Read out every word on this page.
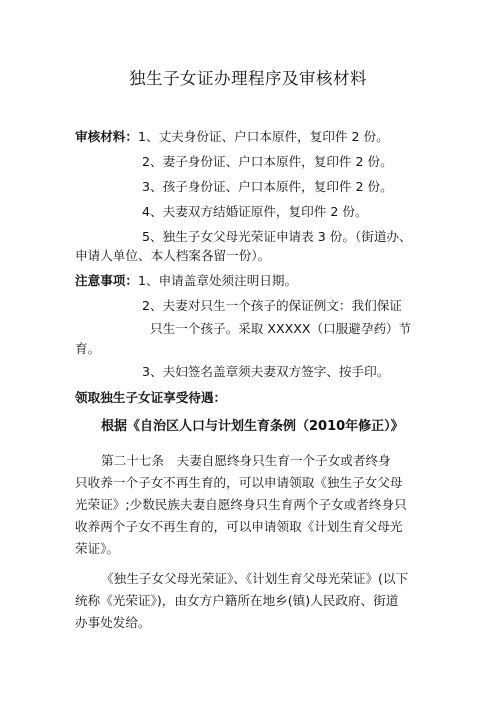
独生子女证办理程序及审核材料
审核材料：1、丈夫身份证、户口本原件，复印件 2 份。
2、妻子身份证、户口本原件，复印件 2 份。
3、孩子身份证、户口本原件，复印件 2 份。
4、夫妻双方结婚证原件，复印件 2 份。
5、独生子女父母光荣证申请表 3 份。（街道办、
申请人单位、本人档案各留一份）。
注意事项：1、申请盖章处须注明日期。
2、夫妻对只生一个孩子的保证例文：我们保证
只生一个孩子。采取 XXXXX（口服避孕药）节
育。
3、夫妇签名盖章须夫妻双方签字、按手印。
领取独生子女证享受待遇：
根据《自治区人口与计划生育条例（2010年修正）》
第二十七条　夫妻自愿终身只生育一个子女或者终身
只收养一个子女不再生育的，可以申请领取《独生子女父母
光荣证》;少数民族夫妻自愿终身只生育两个子女或者终身只
收养两个子女不再生育的，可以申请领取《计划生育父母光
荣证》。
《独生子女父母光荣证》、《计划生育父母光荣证》(以下
统称《光荣证》)，由女方户籍所在地乡(镇)人民政府、街道
办事处发给。
